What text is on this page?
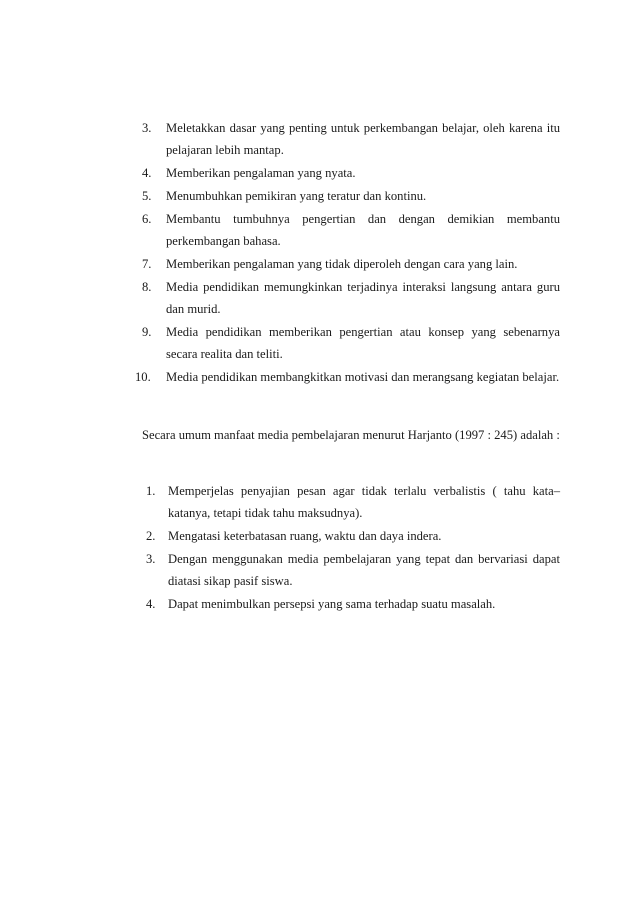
3.	Meletakkan dasar yang penting untuk perkembangan belajar, oleh karena itu pelajaran lebih mantap.
4.	Memberikan pengalaman yang nyata.
5.	Menumbuhkan pemikiran yang teratur dan kontinu.
6.	Membantu tumbuhnya pengertian dan dengan demikian membantu perkembangan bahasa.
7.	Memberikan pengalaman yang tidak diperoleh dengan cara yang lain.
8.	Media pendidikan memungkinkan terjadinya interaksi langsung antara guru dan murid.
9.	Media pendidikan memberikan pengertian atau konsep yang sebenarnya secara realita dan teliti.
10.	Media pendidikan membangkitkan motivasi dan merangsang kegiatan belajar.

Secara umum manfaat media pembelajaran menurut Harjanto (1997 : 245) adalah :

1. Memperjelas penyajian pesan agar tidak terlalu verbalistis ( tahu kata–katanya, tetapi tidak tahu maksudnya).
2. Mengatasi keterbatasan ruang, waktu dan daya indera.
3. Dengan menggunakan media pembelajaran yang tepat dan bervariasi dapat diatasi sikap pasif siswa.
4. Dapat menimbulkan persepsi yang sama terhadap suatu masalah.
